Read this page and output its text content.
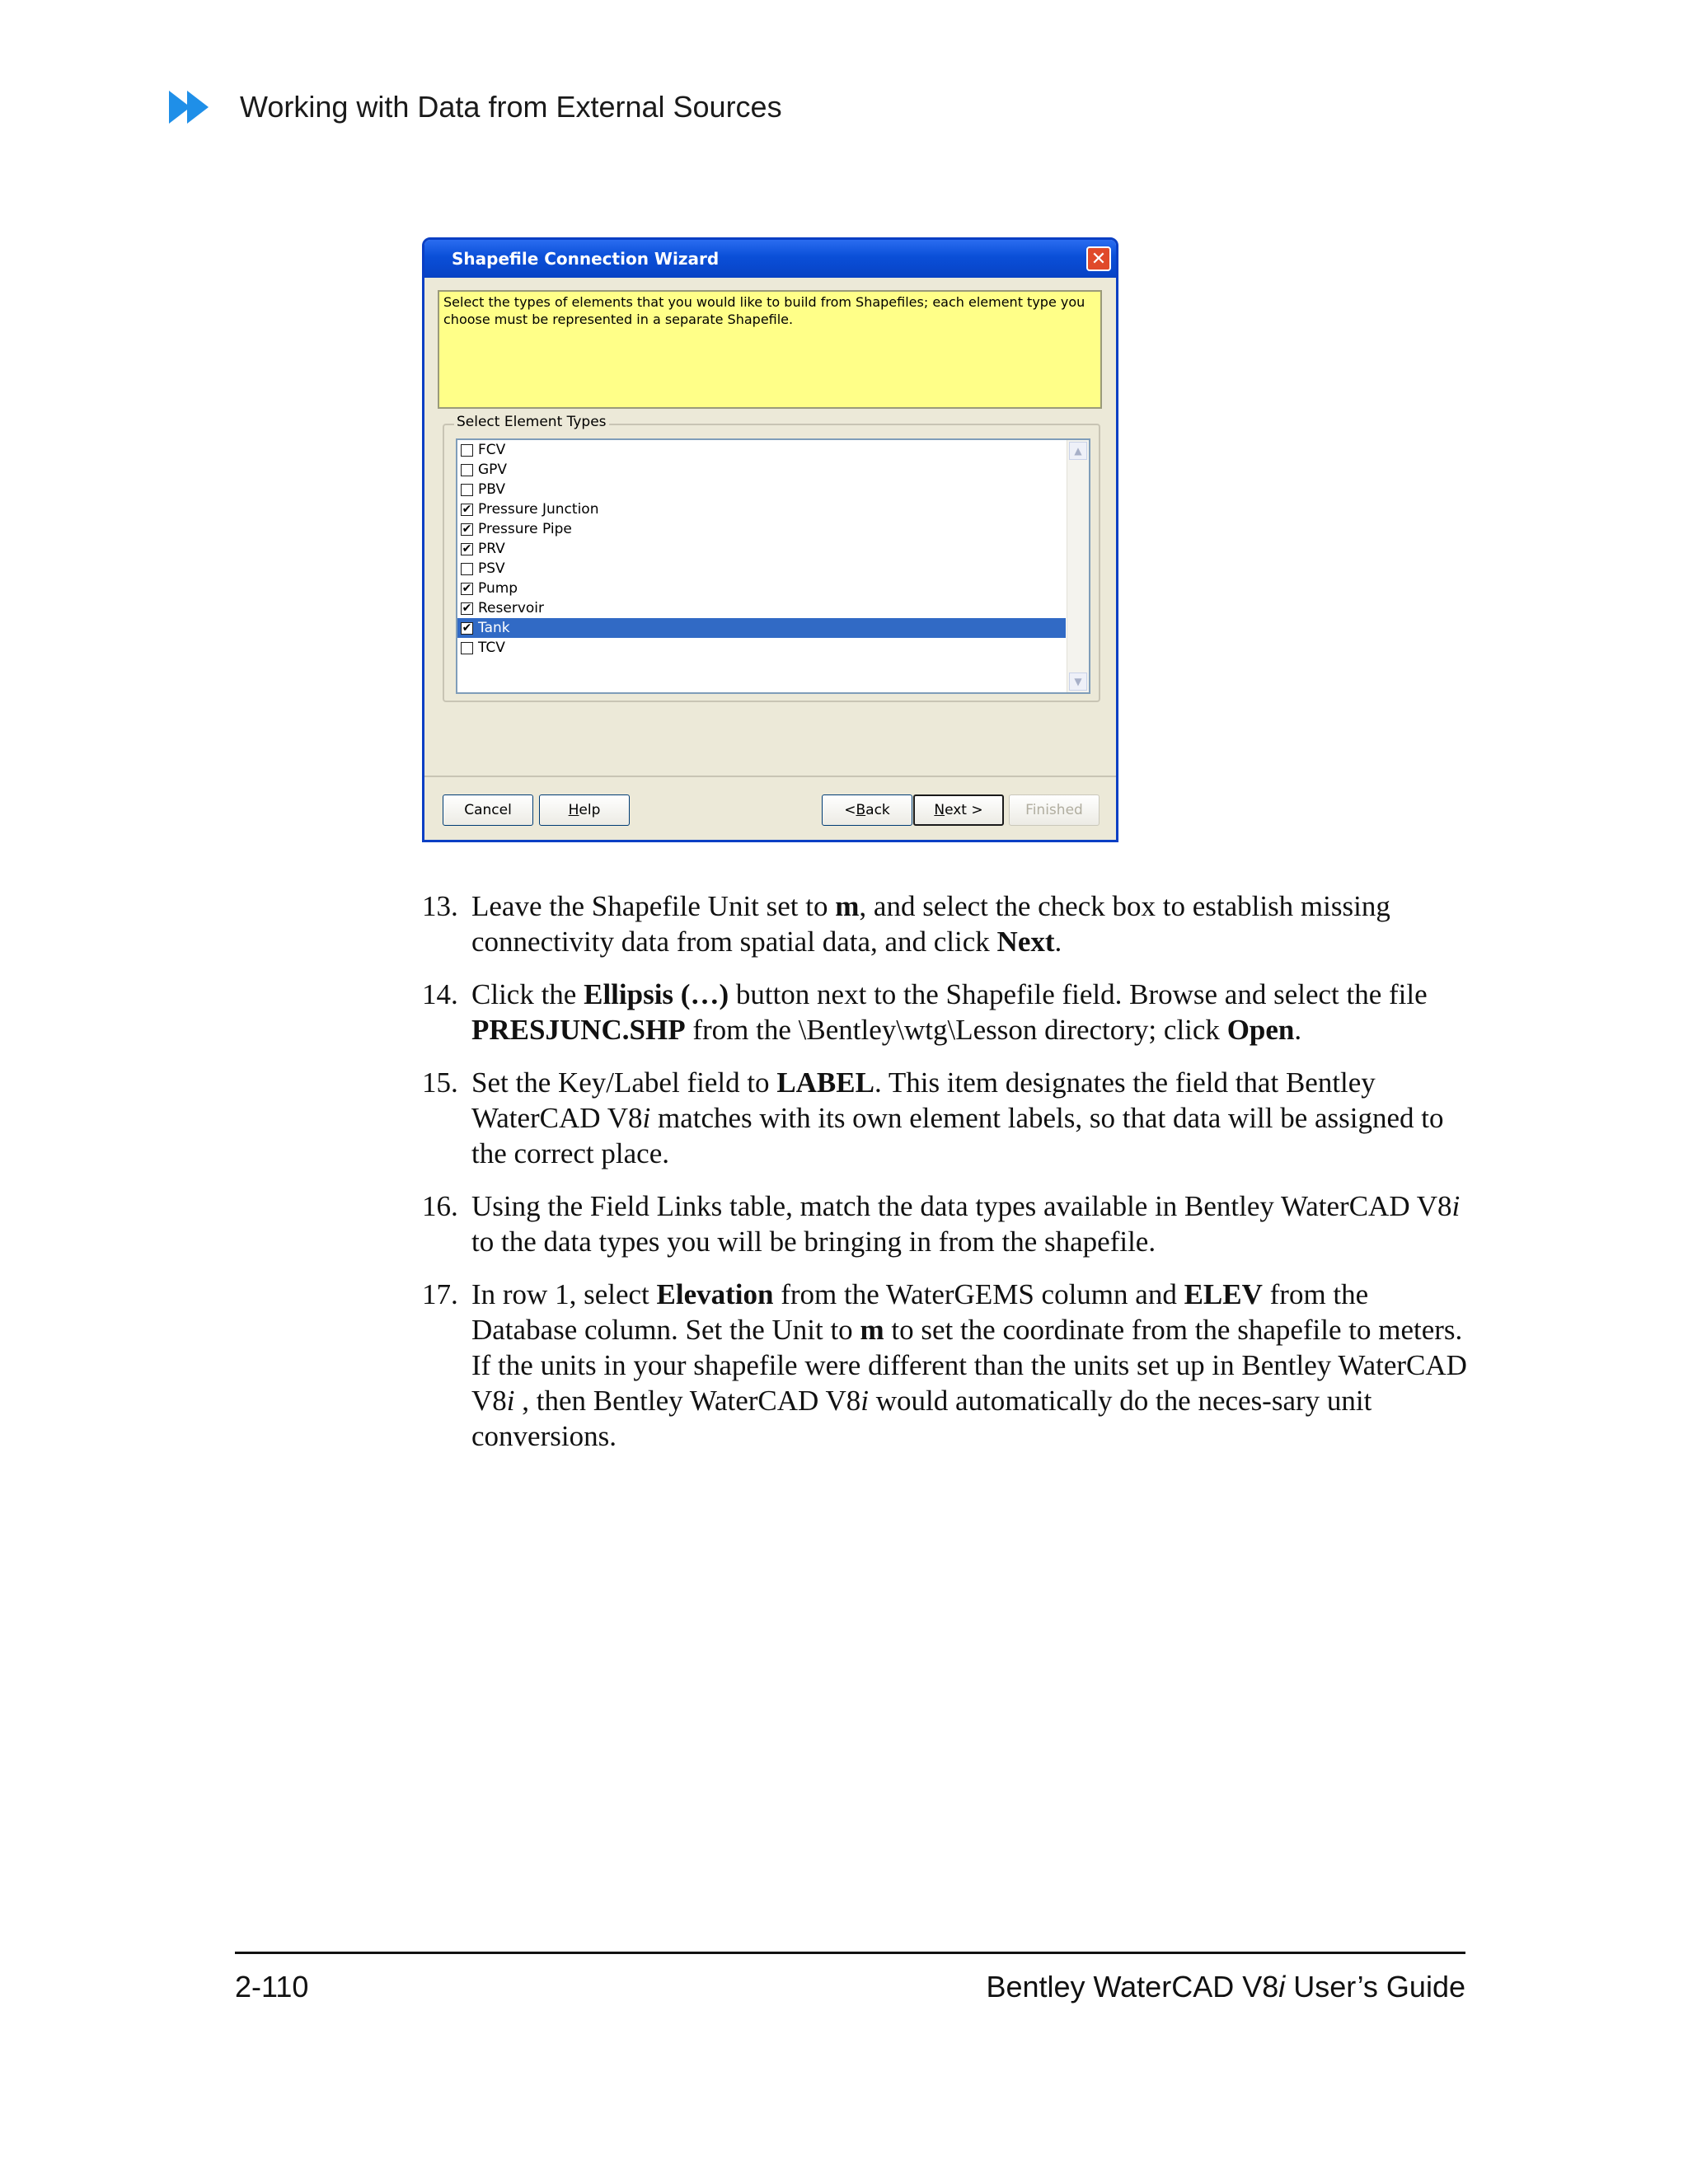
Working with Data from External Sources
Shapefile Connection Wizard	✕
Select the types of elements that you would like to build from Shapefiles; each element type you choose must be represented in a separate Shapefile.
Select Element Types
FCV
GPV
PBV
✔ Pressure Junction
✔ Pressure Pipe
✔ PRV
PSV
✔ Pump
✔ Reservoir
✔ Tank
TCV
▲
▼
Cancel	H elp	< B ack	N ext >	Finished
13. Leave the Shapefile Unit set to m, and select the check box to establish missing connectivity data from spatial data, and click Next.
14. Click the Ellipsis (…) button next to the Shapefile field. Browse and select the file PRESJUNC.SHP from the \Bentley\wtg\Lesson directory; click Open.
15. Set the Key/Label field to LABEL. This item designates the field that Bentley WaterCAD V8i matches with its own element labels, so that data will be assigned to the correct place.
16. Using the Field Links table, match the data types available in Bentley WaterCAD V8i to the data types you will be bringing in from the shapefile.
17. In row 1, select Elevation from the WaterGEMS column and ELEV from the Database column. Set the Unit to m to set the coordinate from the shapefile to meters. If the units in your shapefile were different than the units set up in Bentley WaterCAD V8i , then Bentley WaterCAD V8i would automatically do the neces-sary unit conversions.
2-110	Bentley WaterCAD V8i User’s Guide
